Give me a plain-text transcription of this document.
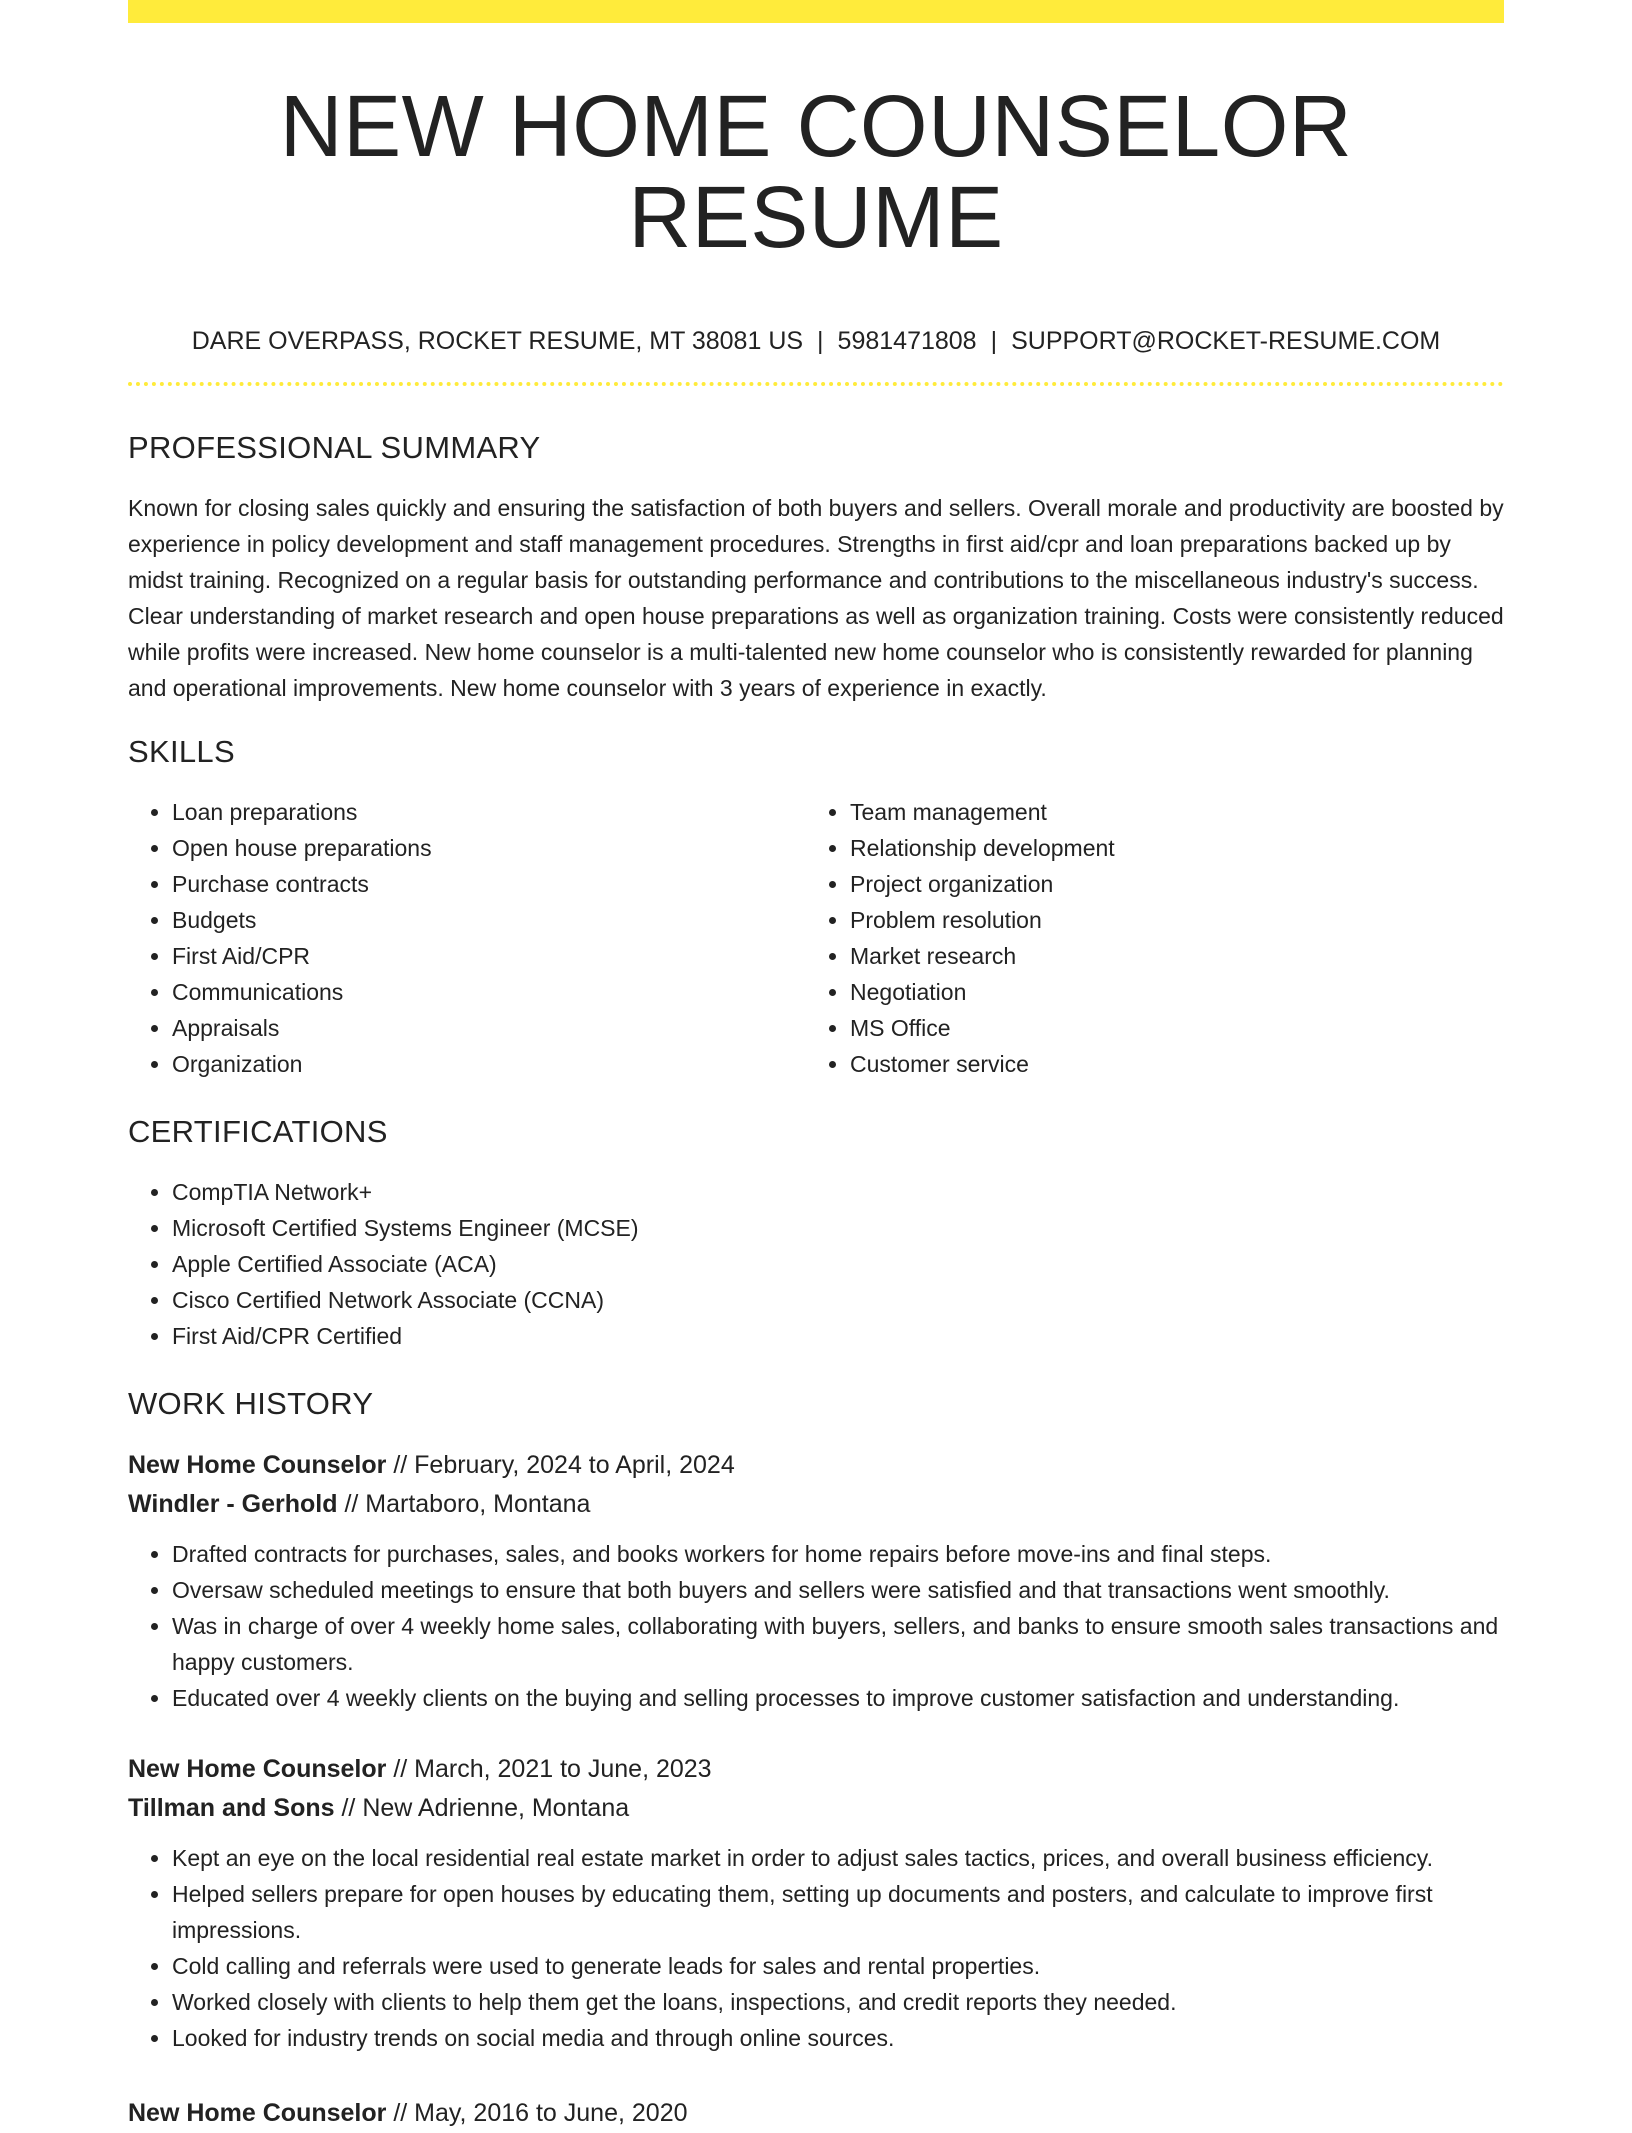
NEW HOME COUNSELOR RESUME
DARE OVERPASS, ROCKET RESUME, MT 38081 US | 5981471808 | SUPPORT@ROCKET-RESUME.COM
PROFESSIONAL SUMMARY

Known for closing sales quickly and ensuring the satisfaction of both buyers and sellers. Overall morale and productivity are boosted by experience in policy development and staff management procedures. Strengths in first aid/cpr and loan preparations backed up by midst training. Recognized on a regular basis for outstanding performance and contributions to the miscellaneous industry's success. Clear understanding of market research and open house preparations as well as organization training. Costs were consistently reduced while profits were increased. New home counselor is a multi-talented new home counselor who is consistently rewarded for planning and operational improvements. New home counselor with 3 years of experience in exactly.

SKILLS
• Loan preparations
• Open house preparations
• Purchase contracts
• Budgets
• First Aid/CPR
• Communications
• Appraisals
• Organization
• Team management
• Relationship development
• Project organization
• Problem resolution
• Market research
• Negotiation
• MS Office
• Customer service
CERTIFICATIONS
• CompTIA Network+
• Microsoft Certified Systems Engineer (MCSE)
• Apple Certified Associate (ACA)
• Cisco Certified Network Associate (CCNA)
• First Aid/CPR Certified
WORK HISTORY
New Home Counselor // February, 2024 to April, 2024
Windler - Gerhold // Martaboro, Montana
• Drafted contracts for purchases, sales, and books workers for home repairs before move-ins and final steps.
• Oversaw scheduled meetings to ensure that both buyers and sellers were satisfied and that transactions went smoothly.
• Was in charge of over 4 weekly home sales, collaborating with buyers, sellers, and banks to ensure smooth sales transactions and happy customers.
• Educated over 4 weekly clients on the buying and selling processes to improve customer satisfaction and understanding.
New Home Counselor // March, 2021 to June, 2023
Tillman and Sons // New Adrienne, Montana
• Kept an eye on the local residential real estate market in order to adjust sales tactics, prices, and overall business efficiency.
• Helped sellers prepare for open houses by educating them, setting up documents and posters, and calculate to improve first impressions.
• Cold calling and referrals were used to generate leads for sales and rental properties.
• Worked closely with clients to help them get the loans, inspections, and credit reports they needed.
• Looked for industry trends on social media and through online sources.
New Home Counselor // May, 2016 to June, 2020
